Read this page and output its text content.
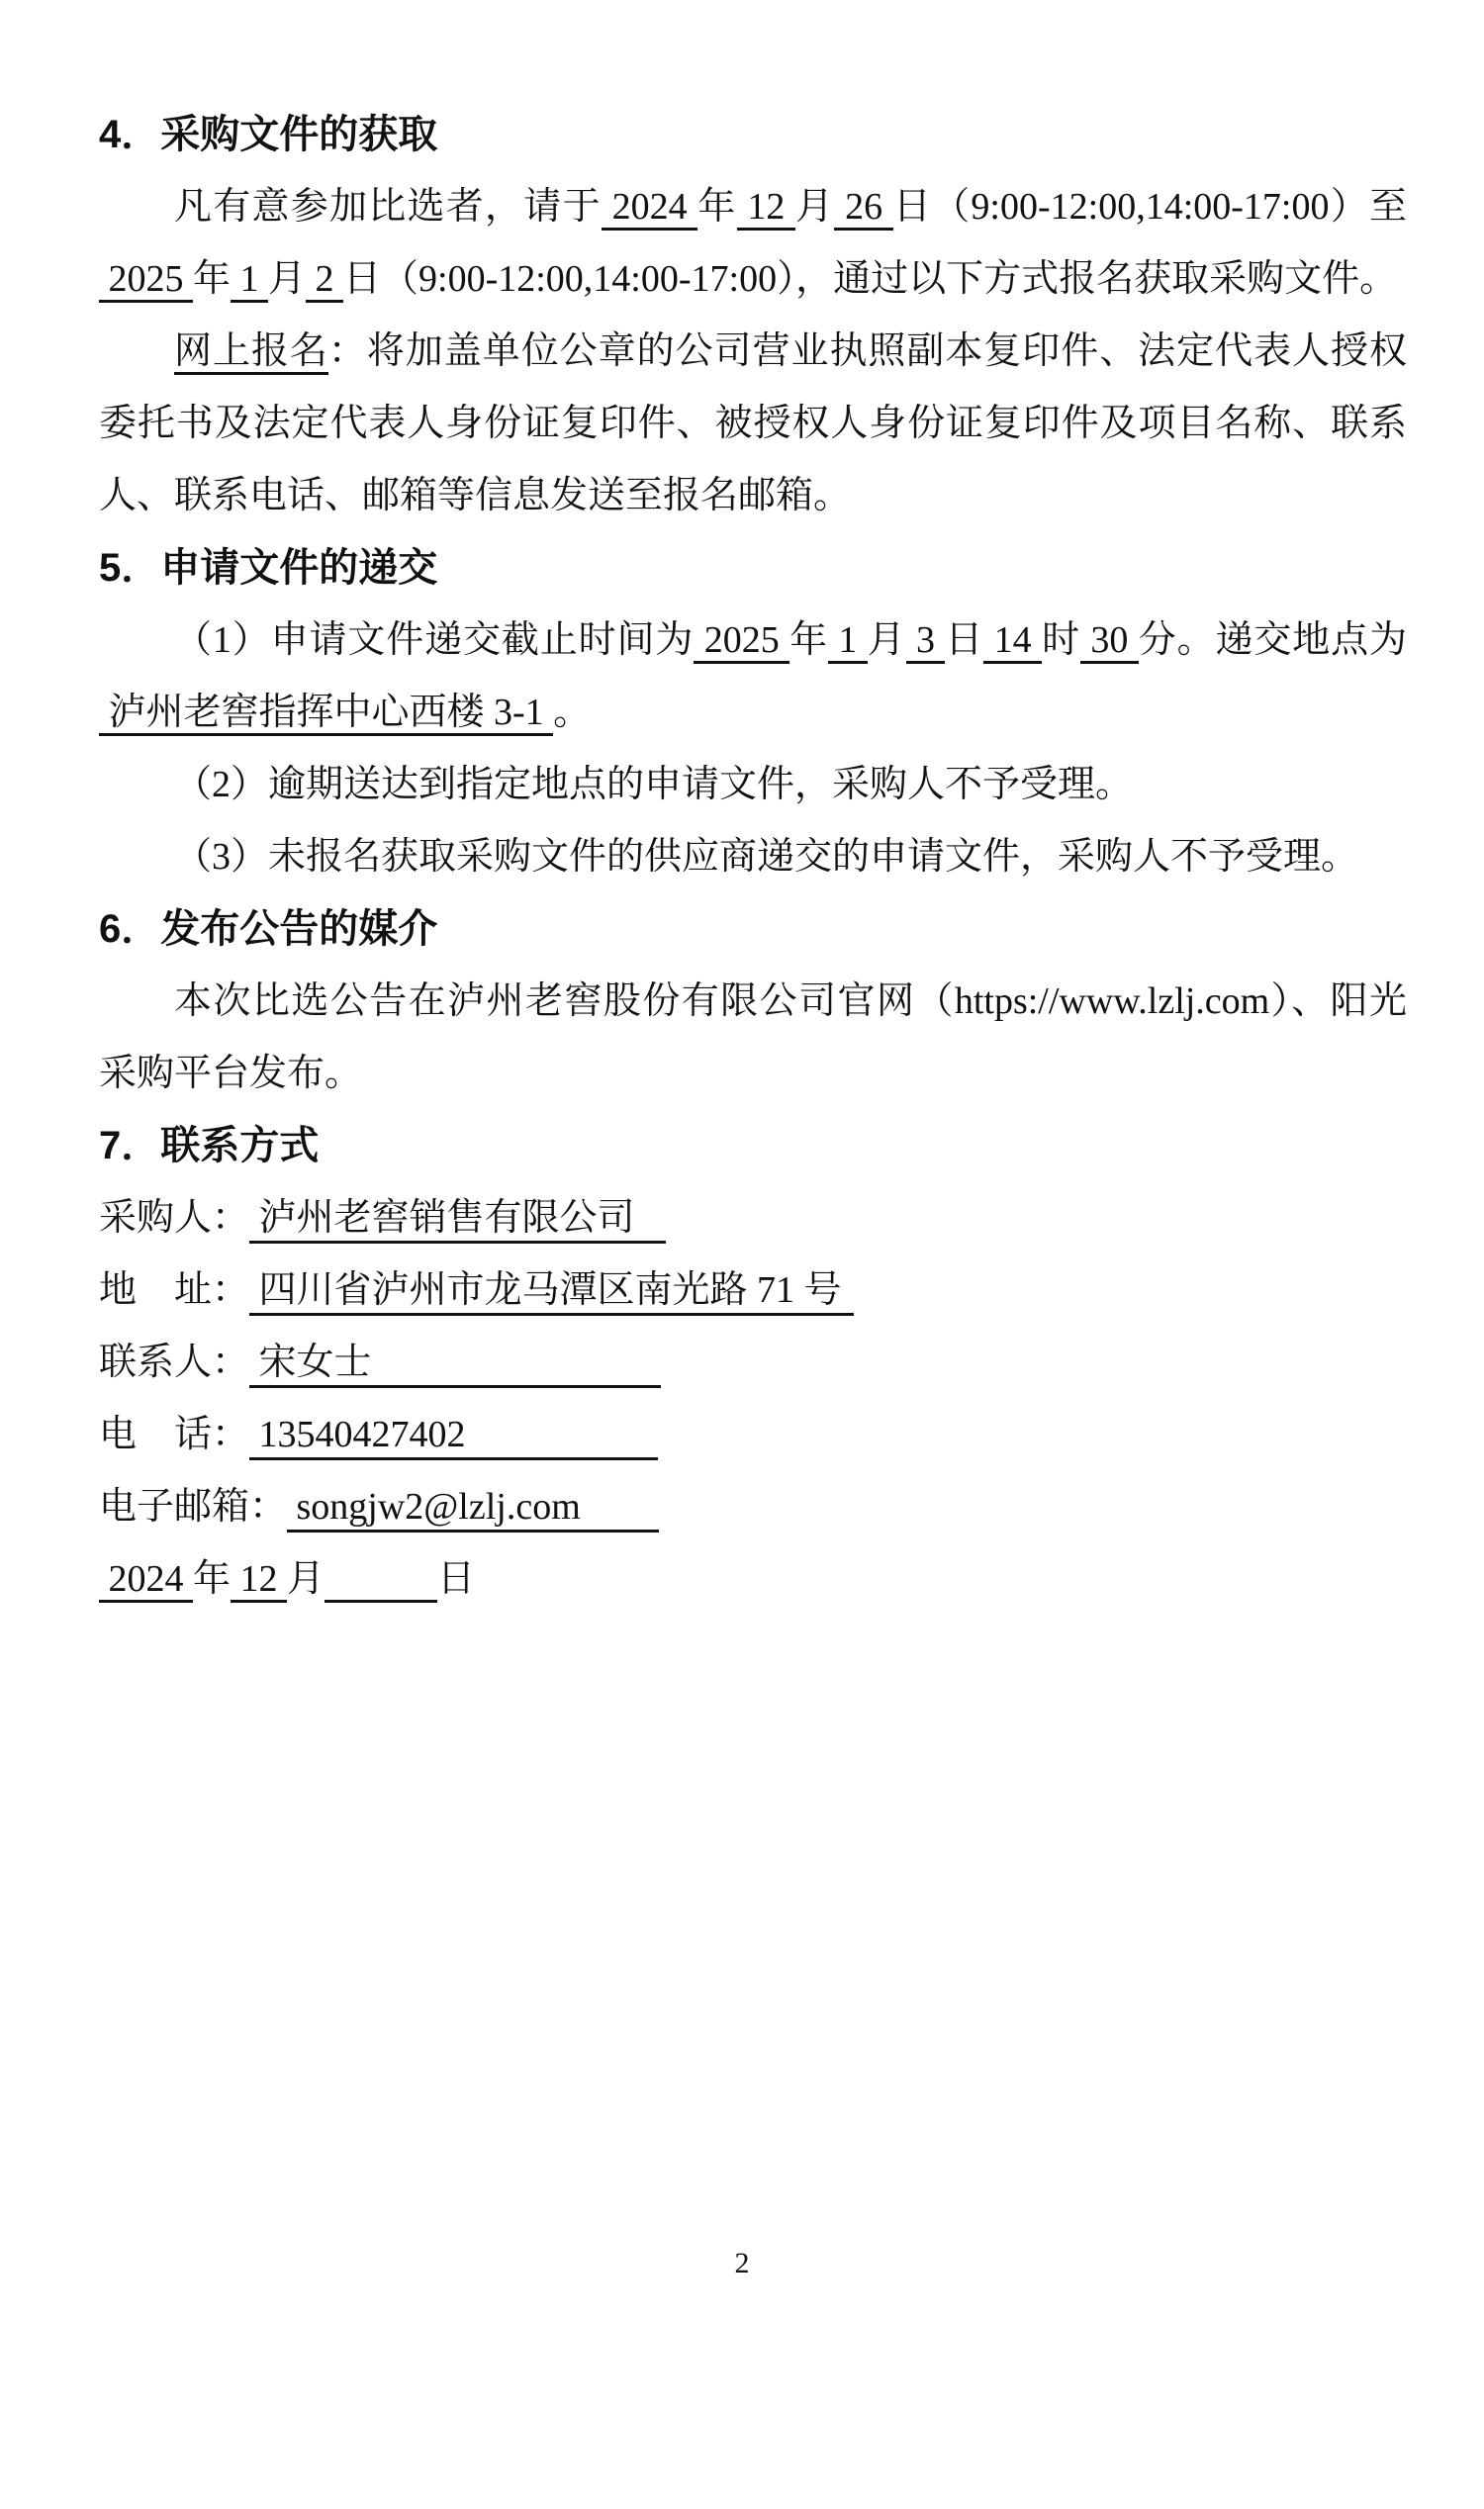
4．采购文件的获取

凡有意参加比选者，请于 2024 年 12 月 26 日（9:00-12:00,14:00-17:00）至 2025 年 1 月 2 日（9:00-12:00,14:00-17:00），通过以下方式报名获取采购文件。

网上报名：将加盖单位公章的公司营业执照副本复印件、法定代表人授权委托书及法定代表人身份证复印件、被授权人身份证复印件及项目名称、联系人、联系电话、邮箱等信息发送至报名邮箱。

5．申请文件的递交

（1）申请文件递交截止时间为 2025 年 1 月 3 日 14 时 30 分。递交地点为 泸州老窖指挥中心西楼 3-1 。

（2）逾期送达到指定地点的申请文件，采购人不予受理。

（3）未报名获取采购文件的供应商递交的申请文件，采购人不予受理。

6．发布公告的媒介

本次比选公告在泸州老窖股份有限公司官网（https://www.lzlj.com）、阳光采购平台发布。

7．联系方式

采购人： 泸州老窖销售有限公司

地　址： 四川省泸州市龙马潭区南光路 71 号

联系人： 宋女士

电　话： 13540427402

电子邮箱： songjw2@lzlj.com

2024 年 12 月　　　	日

2
